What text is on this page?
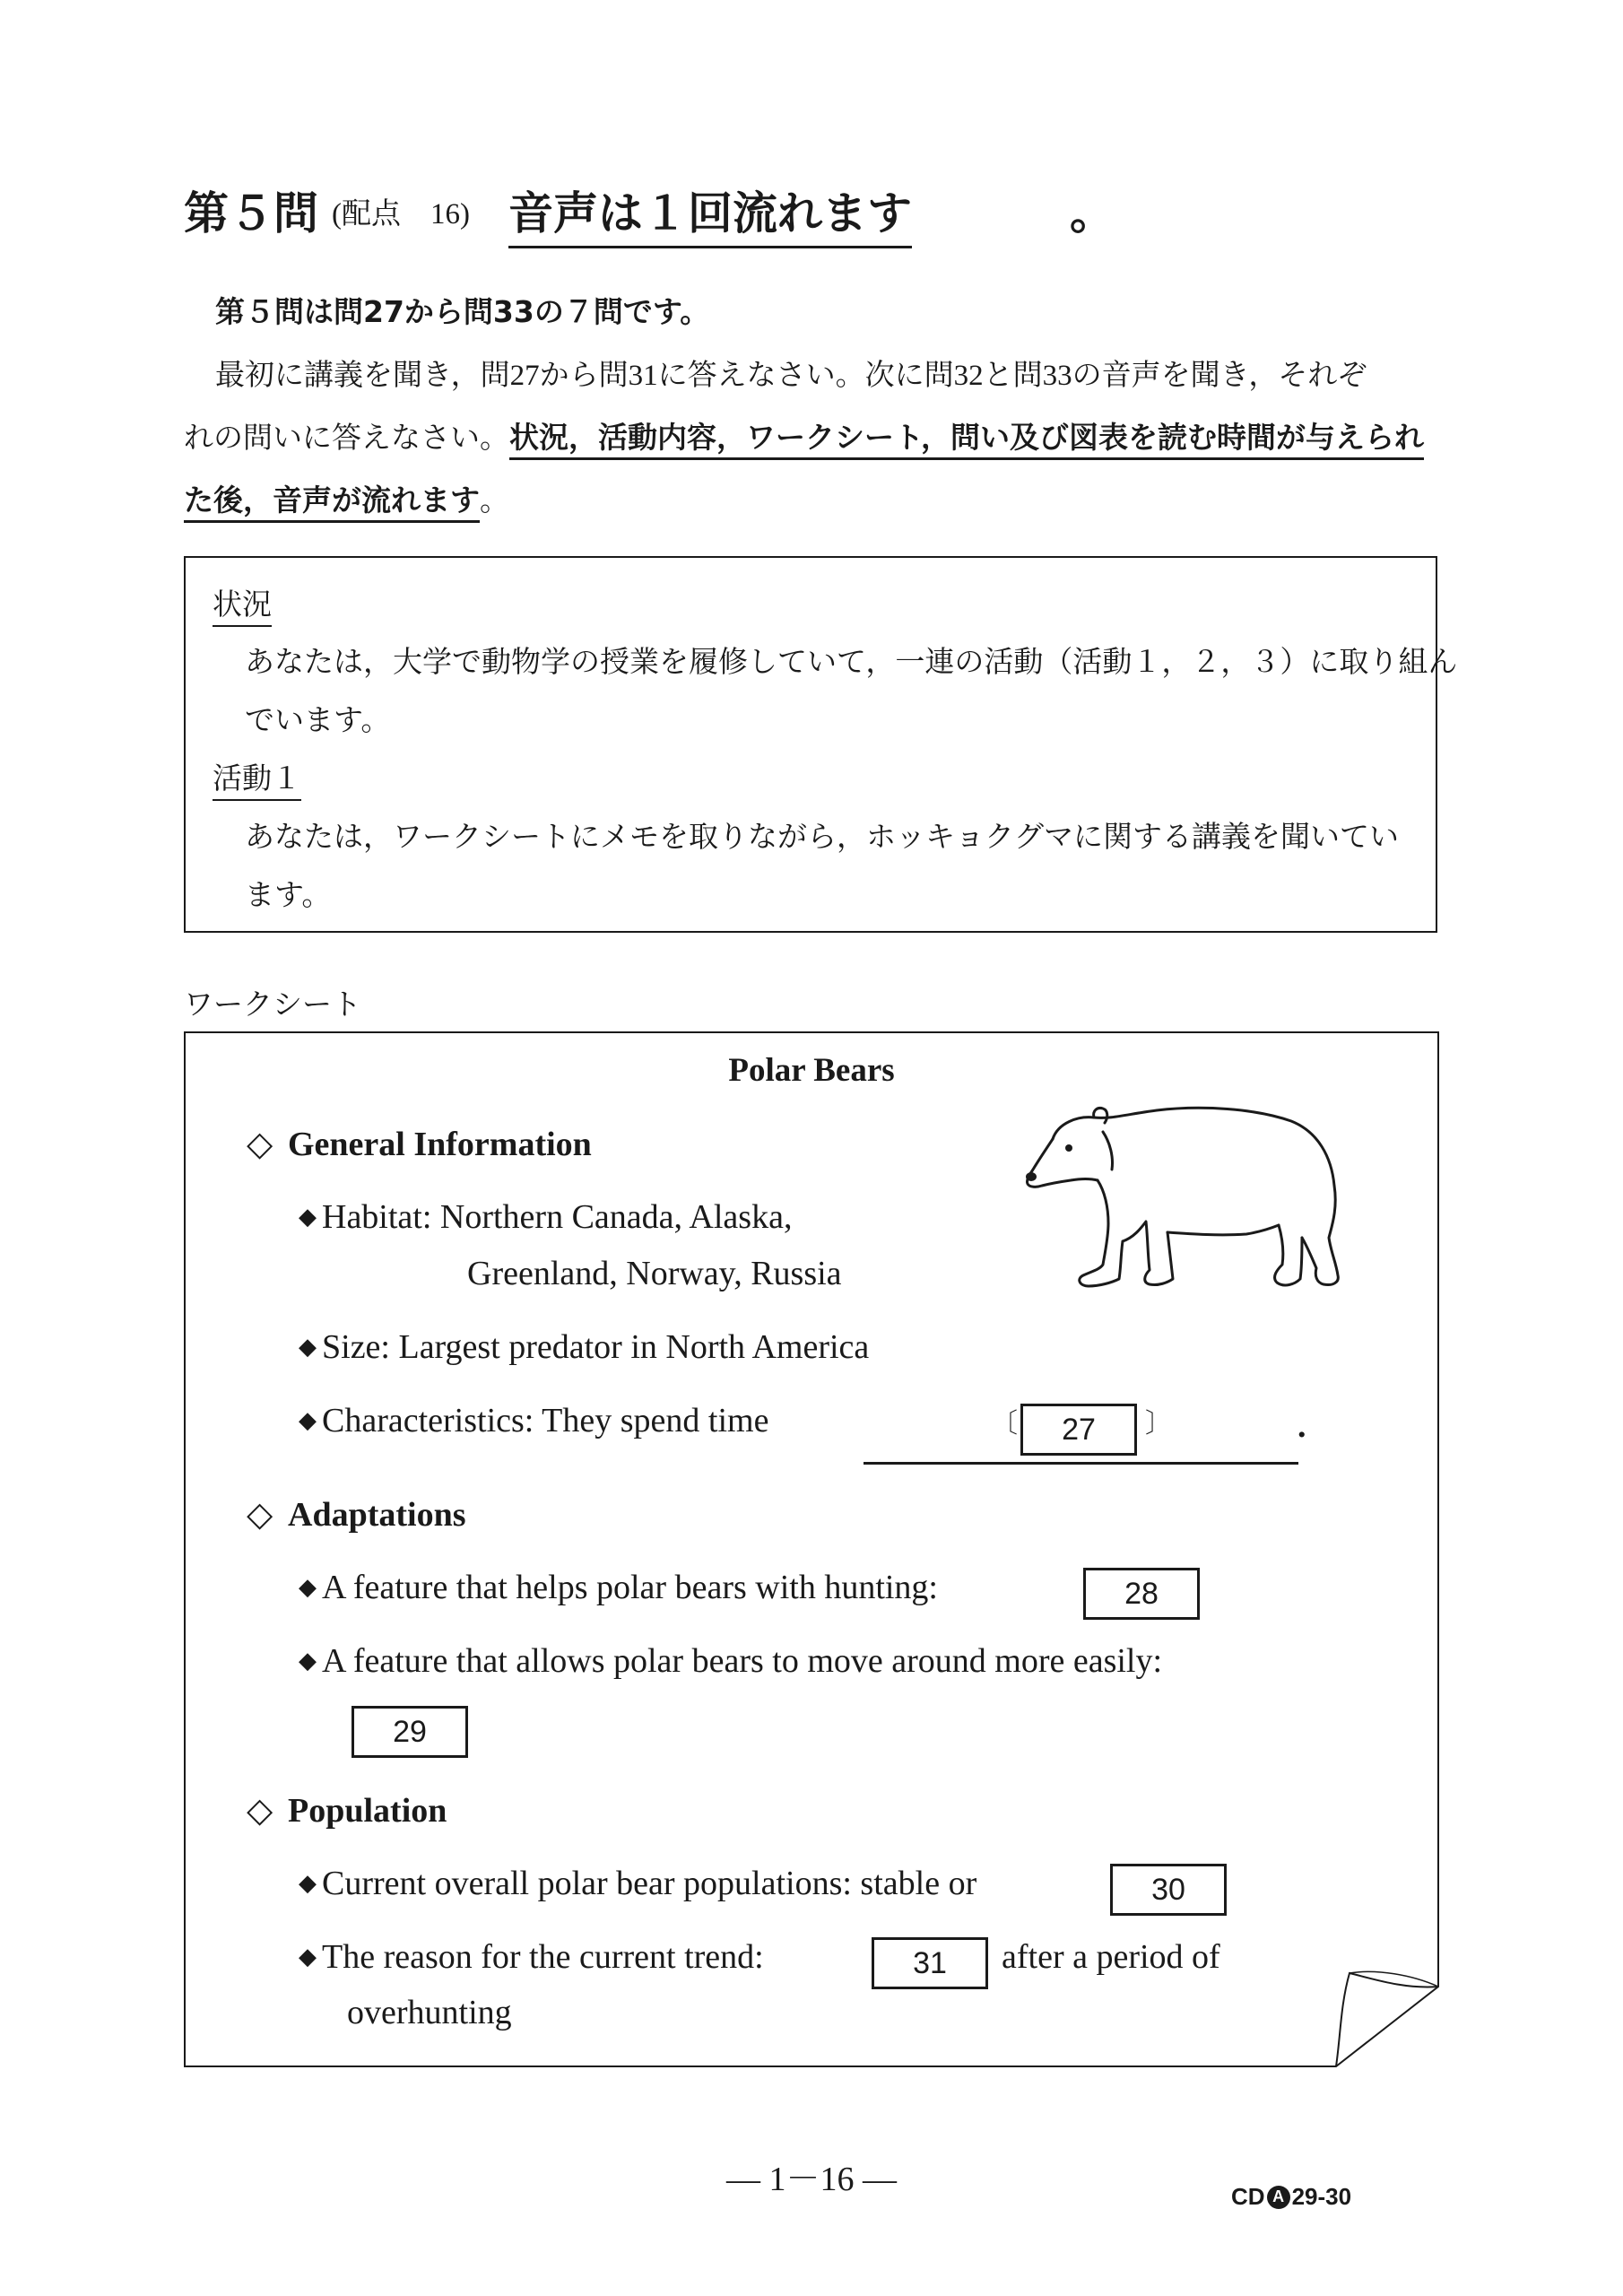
第５問 (配点　16) 音声は１回流れます	。
第５問は問27から問33の７問です。
最初に講義を聞き，問27から問31に答えなさい。次に問32と問33の音声を聞き，それぞ
れの問いに答えなさい。状況，活動内容，ワークシート，問い及び図表を読む時間が与えられ
た後，音声が流れます。
状況
あなたは，大学で動物学の授業を履修していて，一連の活動（活動１，２，３）に取り組ん
でいます。
活動１
あなたは，ワークシートにメモを取りながら，ホッキョクグマに関する講義を聞いてい
ます。
ワークシート
Polar Bears
◇ General Information
◆ Habitat: Northern Canada, Alaska,
Greenland, Norway, Russia
◆ Size: Largest predator in North America
◆ Characteristics: They spend time	〔	27	〕	.
◇ Adaptations
◆ A feature that helps polar bears with hunting:	28
◆ A feature that allows polar bears to move around more easily:
29
◇ Population
◆ Current overall polar bear populations: stable or	30
◆ The reason for the current trend:	31	after a period of
overhunting
— 1－16 —	CD A 29-30
